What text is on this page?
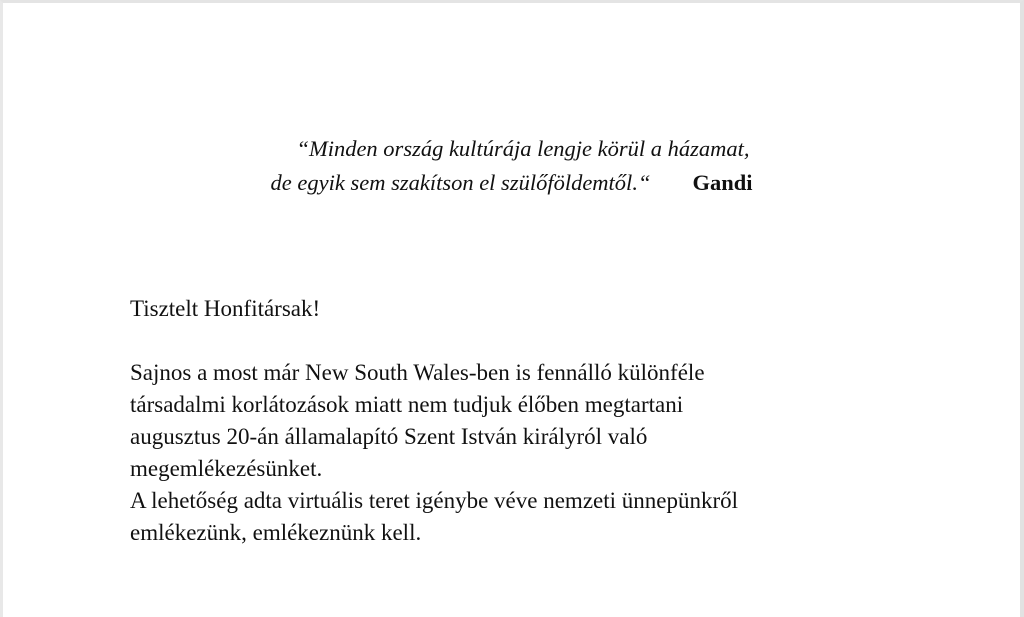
“Minden ország kultúrája lengje körül a házamat,
de egyik sem szakítson el szülőföldemtől.“ Gandi

Tisztelt Honfitársak!

Sajnos a most már New South Wales-ben is fennálló különféle
társadalmi korlátozások miatt nem tudjuk élőben megtartani
augusztus 20-án államalapító Szent István királyról való
megemlékezésünket.
A lehetőség adta virtuális teret igénybe véve nemzeti ünnepünkről
emlékezünk, emlékeznünk kell.
